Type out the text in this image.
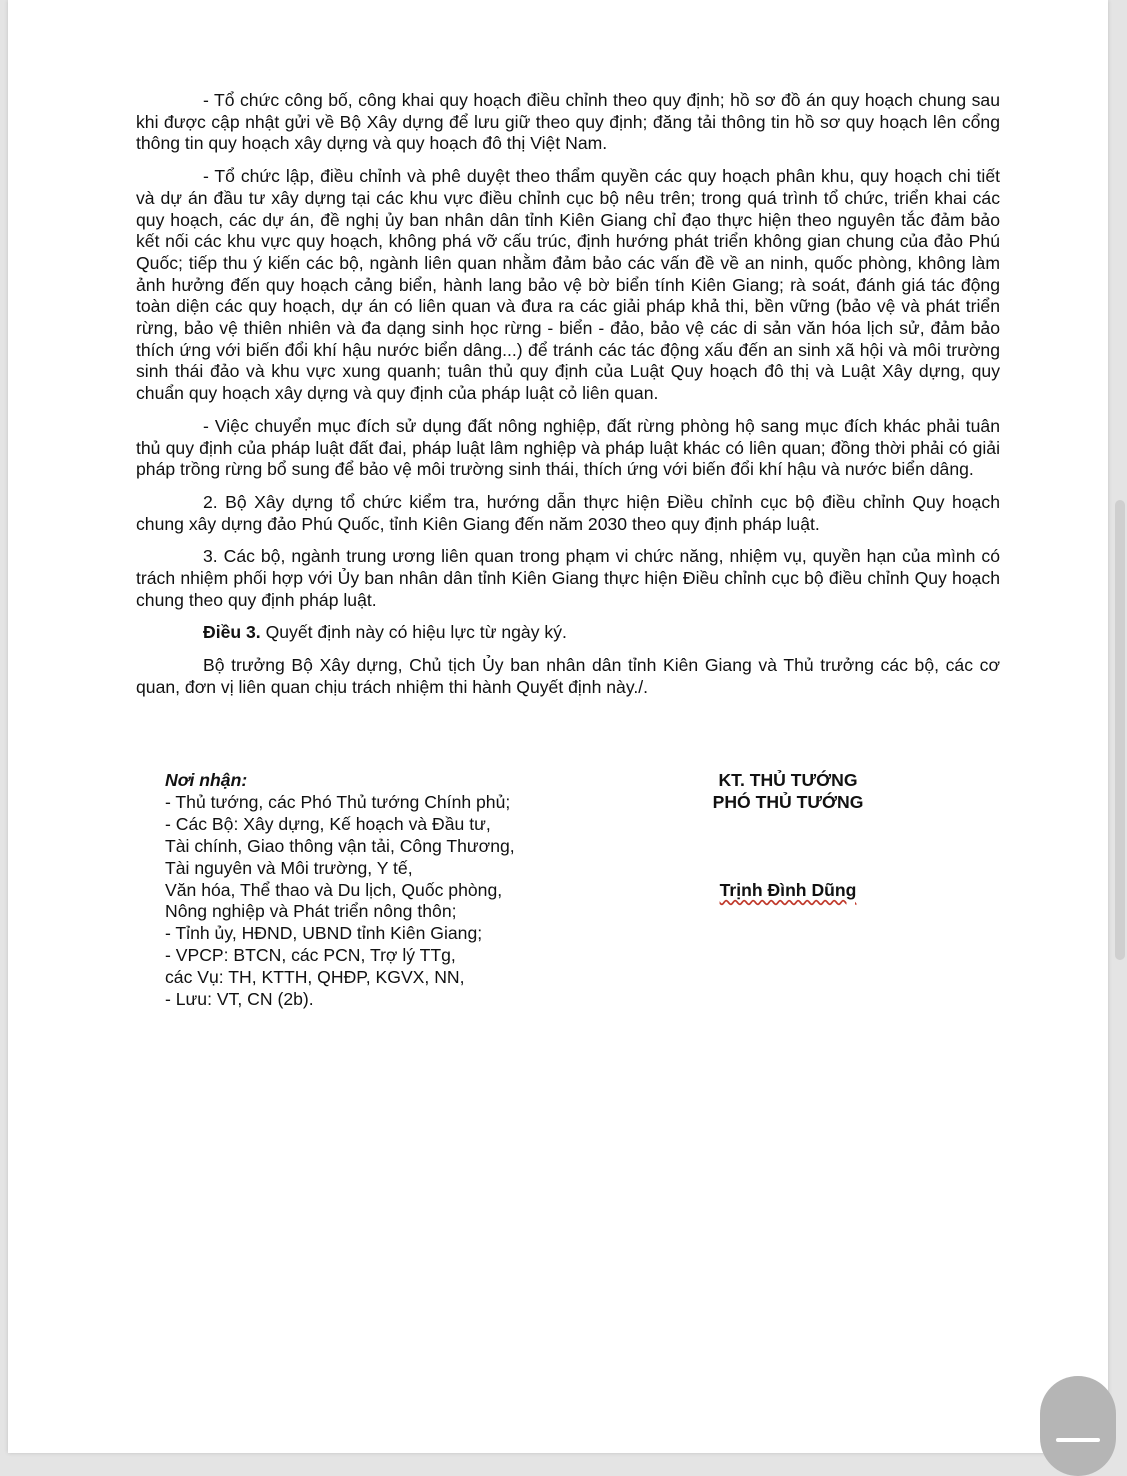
- Tổ chức công bố, công khai quy hoạch điều chỉnh theo quy định; hồ sơ đồ án quy hoạch chung sau khi được cập nhật gửi về Bộ Xây dựng để lưu giữ theo quy định; đăng tải thông tin hồ sơ quy hoạch lên cổng thông tin quy hoạch xây dựng và quy hoạch đô thị Việt Nam.

- Tổ chức lập, điều chỉnh và phê duyệt theo thẩm quyền các quy hoạch phân khu, quy hoạch chi tiết và dự án đầu tư xây dựng tại các khu vực điều chỉnh cục bộ nêu trên; trong quá trình tổ chức, triển khai các quy hoạch, các dự án, đề nghị ủy ban nhân dân tỉnh Kiên Giang chỉ đạo thực hiện theo nguyên tắc đảm bảo kết nối các khu vực quy hoạch, không phá vỡ cấu trúc, định hướng phát triển không gian chung của đảo Phú Quốc; tiếp thu ý kiến các bộ, ngành liên quan nhằm đảm bảo các vấn đề về an ninh, quốc phòng, không làm ảnh hưởng đến quy hoạch cảng biển, hành lang bảo vệ bờ biển tính Kiên Giang; rà soát, đánh giá tác động toàn diện các quy hoạch, dự án có liên quan và đưa ra các giải pháp khả thi, bền vững (bảo vệ và phát triển rừng, bảo vệ thiên nhiên và đa dạng sinh học rừng - biển - đảo, bảo vệ các di sản văn hóa lịch sử, đảm bảo thích ứng với biến đổi khí hậu nước biển dâng...) để tránh các tác động xấu đến an sinh xã hội và môi trường sinh thái đảo và khu vực xung quanh; tuân thủ quy định của Luật Quy hoạch đô thị và Luật Xây dựng, quy chuẩn quy hoạch xây dựng và quy định của pháp luật cỏ liên quan.

- Việc chuyển mục đích sử dụng đất nông nghiệp, đất rừng phòng hộ sang mục đích khác phải tuân thủ quy định của pháp luật đất đai, pháp luật lâm nghiệp và pháp luật khác có liên quan; đồng thời phải có giải pháp trồng rừng bổ sung để bảo vệ môi trường sinh thái, thích ứng với biến đổi khí hậu và nước biển dâng.

2. Bộ Xây dựng tổ chức kiểm tra, hướng dẫn thực hiện Điều chỉnh cục bộ điều chỉnh Quy hoạch chung xây dựng đảo Phú Quốc, tỉnh Kiên Giang đến năm 2030 theo quy định pháp luật.

3. Các bộ, ngành trung ương liên quan trong phạm vi chức năng, nhiệm vụ, quyền hạn của mình có trách nhiệm phối hợp với Ủy ban nhân dân tỉnh Kiên Giang thực hiện Điều chỉnh cục bộ điều chỉnh Quy hoạch chung theo quy định pháp luật.

Điều 3. Quyết định này có hiệu lực từ ngày ký.

Bộ trưởng Bộ Xây dựng, Chủ tịch Ủy ban nhân dân tỉnh Kiên Giang và Thủ trưởng các bộ, các cơ quan, đơn vị liên quan chịu trách nhiệm thi hành Quyết định này./.

Nơi nhận:
- Thủ tướng, các Phó Thủ tướng Chính phủ;
- Các Bộ: Xây dựng, Kế hoạch và Đầu tư,
Tài chính, Giao thông vận tải, Công Thương,
Tài nguyên và Môi trường, Y tế,
Văn hóa, Thể thao và Du lịch, Quốc phòng,
Nông nghiệp và Phát triển nông thôn;
- Tỉnh ủy, HĐND, UBND tỉnh Kiên Giang;
- VPCP: BTCN, các PCN, Trợ lý TTg,
các Vụ: TH, KTTH, QHĐP, KGVX, NN,
- Lưu: VT, CN (2b).
KT. THỦ TƯỚNG
PHÓ THỦ TƯỚNG
Trịnh Đình Dũng
